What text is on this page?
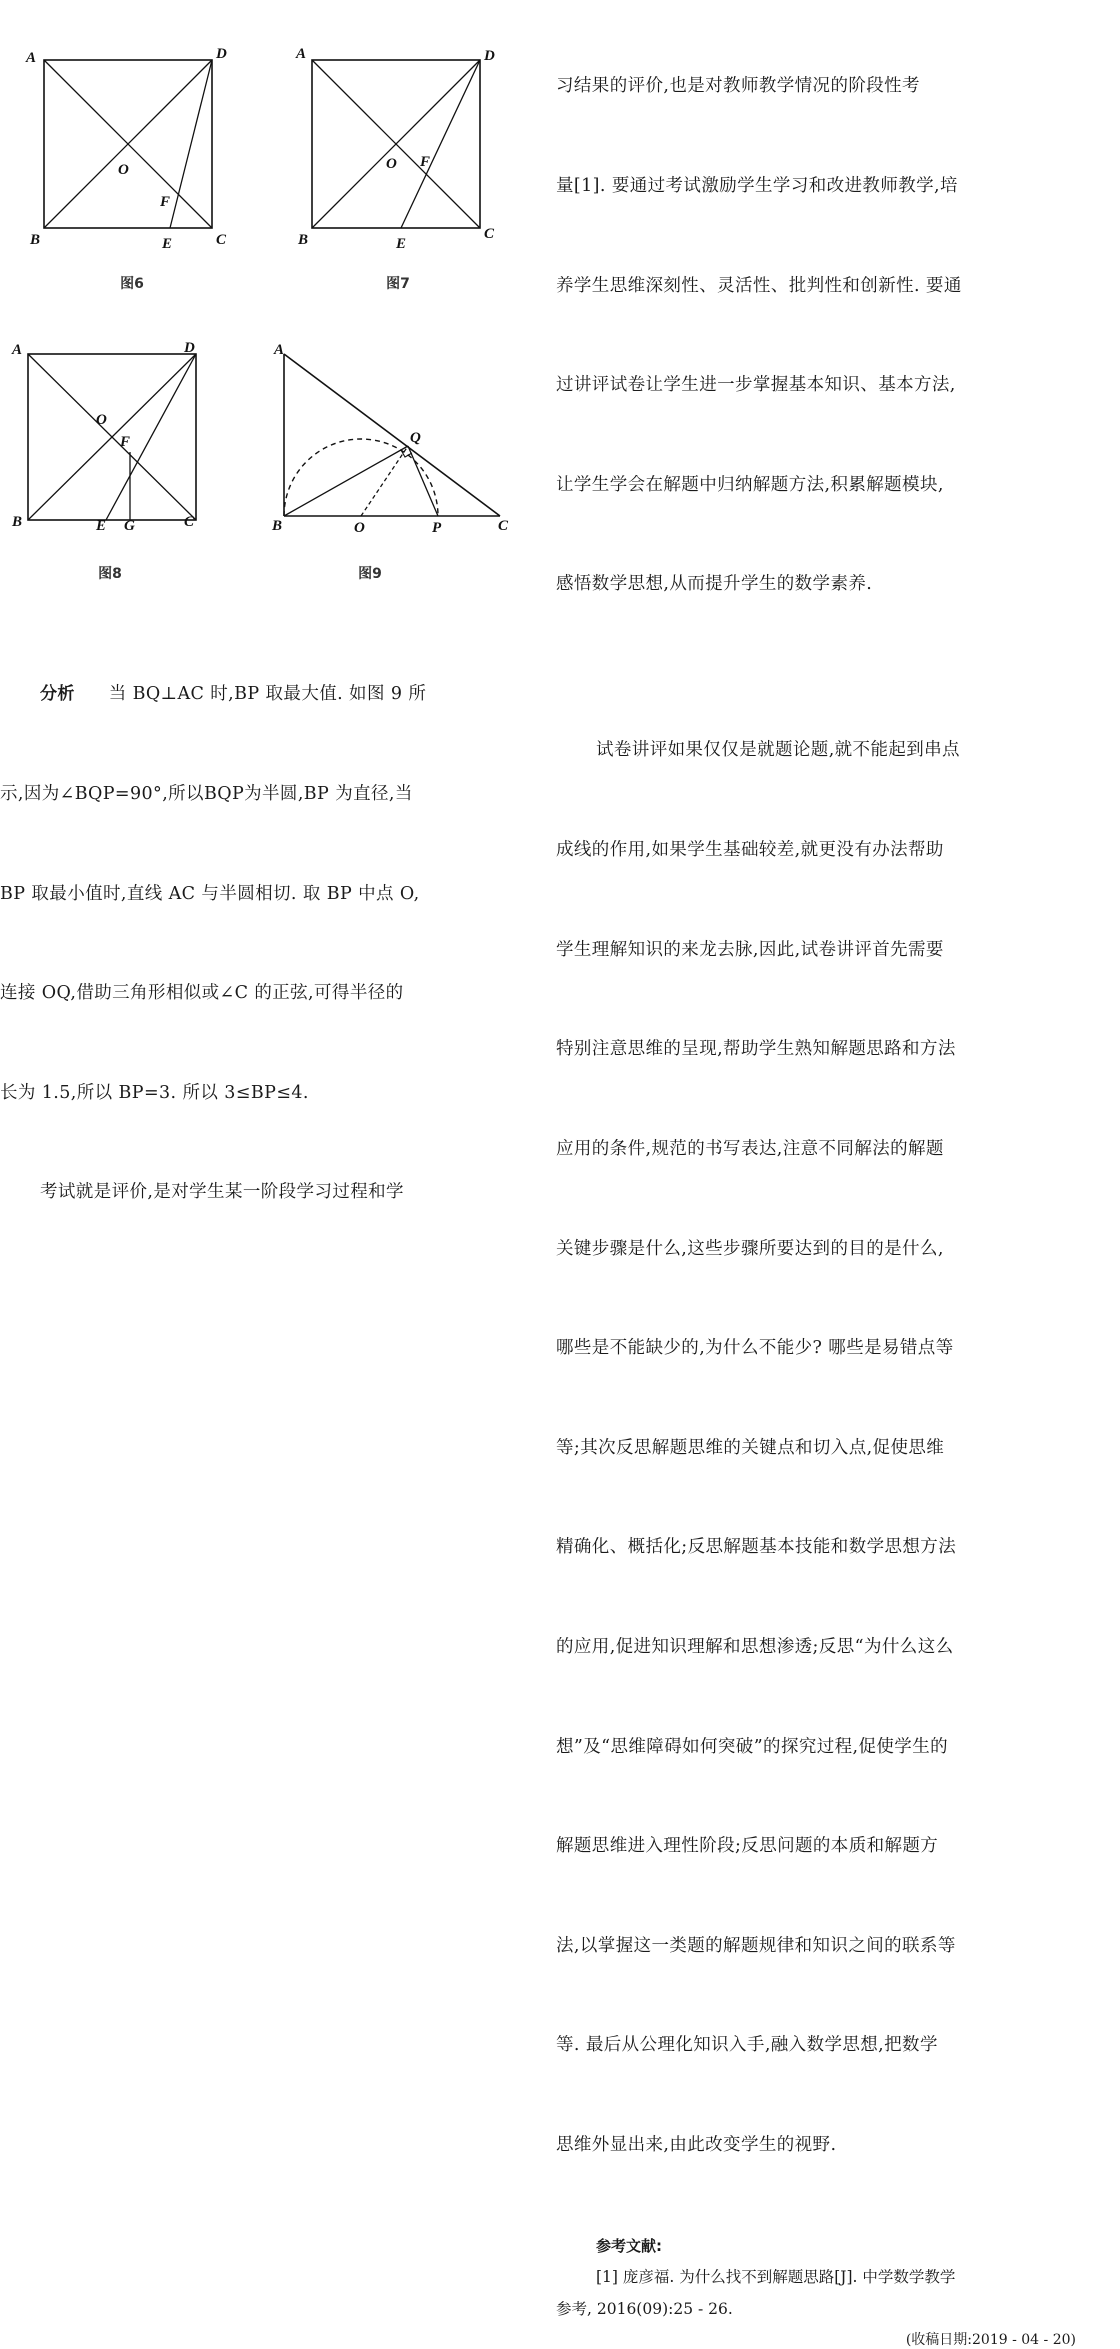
A	D
B	C
O
E
F
图6
A	D
B	C
O
E
F
图7
A	D
B	C
O
F
E G
图8
A
B	C
Q
O	P
图9

分析 当 BQ⊥AC 时,BP 取最大值. 如图 9 所

示,因为∠BQP=90°,所以BQP为半圆,BP 为直径,当

BP 取最小值时,直线 AC 与半圆相切. 取 BP 中点 O,

连接 OQ,借助三角形相似或∠C 的正弦,可得半径的

长为 1.5,所以 BP=3. 所以 3≤BP≤4.

考试就是评价,是对学生某一阶段学习过程和学

习结果的评价,也是对教师教学情况的阶段性考

量[1]. 要通过考试激励学生学习和改进教师教学,培

养学生思维深刻性、灵活性、批判性和创新性. 要通

过讲评试卷让学生进一步掌握基本知识、基本方法,

让学生学会在解题中归纳解题方法,积累解题模块,

感悟数学思想,从而提升学生的数学素养.

试卷讲评如果仅仅是就题论题,就不能起到串点

成线的作用,如果学生基础较差,就更没有办法帮助

学生理解知识的来龙去脉,因此,试卷讲评首先需要

特别注意思维的呈现,帮助学生熟知解题思路和方法

应用的条件,规范的书写表达,注意不同解法的解题

关键步骤是什么,这些步骤所要达到的目的是什么,

哪些是不能缺少的,为什么不能少? 哪些是易错点等

等;其次反思解题思维的关键点和切入点,促使思维

精确化、概括化;反思解题基本技能和数学思想方法

的应用,促进知识理解和思想渗透;反思“为什么这么

想”及“思维障碍如何突破”的探究过程,促使学生的

解题思维进入理性阶段;反思问题的本质和解题方

法,以掌握这一类题的解题规律和知识之间的联系等

等. 最后从公理化知识入手,融入数学思想,把数学

思维外显出来,由此改变学生的视野.

参考文献:
[1] 庞彦福. 为什么找不到解题思路[J]. 中学数学教学
参考, 2016(09):25 - 26.
(收稿日期:2019 - 04 - 20)
